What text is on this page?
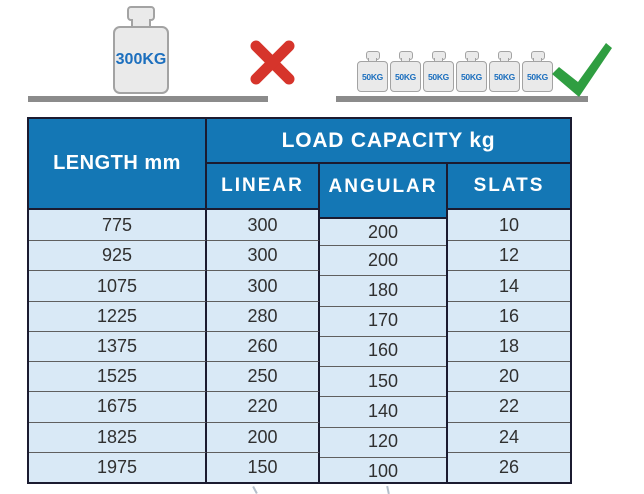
300KG
50KG 50KG 50KG 50KG 50KG 50KG
LENGTH mm
LOAD CAPACITY kg
LINEAR	ANGULAR	SLATS
775	300	200	10
925	300	200	12
1075	300	180	14
1225	280	170	16
1375	260	160	18
1525	250	150	20
1675	220	140	22
1825	200	120	24
1975	150	100	26
